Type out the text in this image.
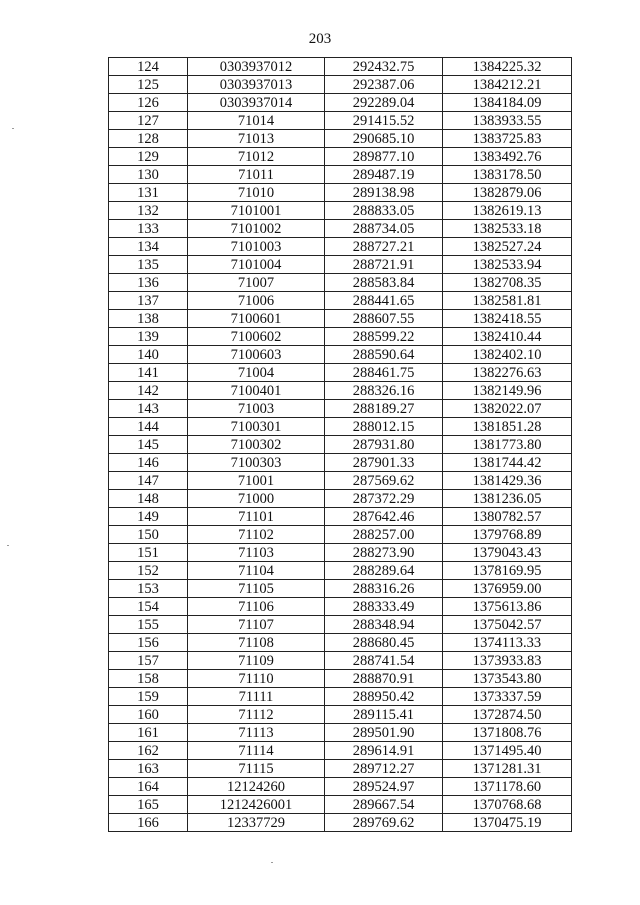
203
124	0303937012	292432.75	1384225.32
125	0303937013	292387.06	1384212.21
126	0303937014	292289.04	1384184.09
127	71014	291415.52	1383933.55
128	71013	290685.10	1383725.83
129	71012	289877.10	1383492.76
130	71011	289487.19	1383178.50
131	71010	289138.98	1382879.06
132	7101001	288833.05	1382619.13
133	7101002	288734.05	1382533.18
134	7101003	288727.21	1382527.24
135	7101004	288721.91	1382533.94
136	71007	288583.84	1382708.35
137	71006	288441.65	1382581.81
138	7100601	288607.55	1382418.55
139	7100602	288599.22	1382410.44
140	7100603	288590.64	1382402.10
141	71004	288461.75	1382276.63
142	7100401	288326.16	1382149.96
143	71003	288189.27	1382022.07
144	7100301	288012.15	1381851.28
145	7100302	287931.80	1381773.80
146	7100303	287901.33	1381744.42
147	71001	287569.62	1381429.36
148	71000	287372.29	1381236.05
149	71101	287642.46	1380782.57
150	71102	288257.00	1379768.89
151	71103	288273.90	1379043.43
152	71104	288289.64	1378169.95
153	71105	288316.26	1376959.00
154	71106	288333.49	1375613.86
155	71107	288348.94	1375042.57
156	71108	288680.45	1374113.33
157	71109	288741.54	1373933.83
158	71110	288870.91	1373543.80
159	71111	288950.42	1373337.59
160	71112	289115.41	1372874.50
161	71113	289501.90	1371808.76
162	71114	289614.91	1371495.40
163	71115	289712.27	1371281.31
164	12124260	289524.97	1371178.60
165	1212426001	289667.54	1370768.68
166	12337729	289769.62	1370475.19
